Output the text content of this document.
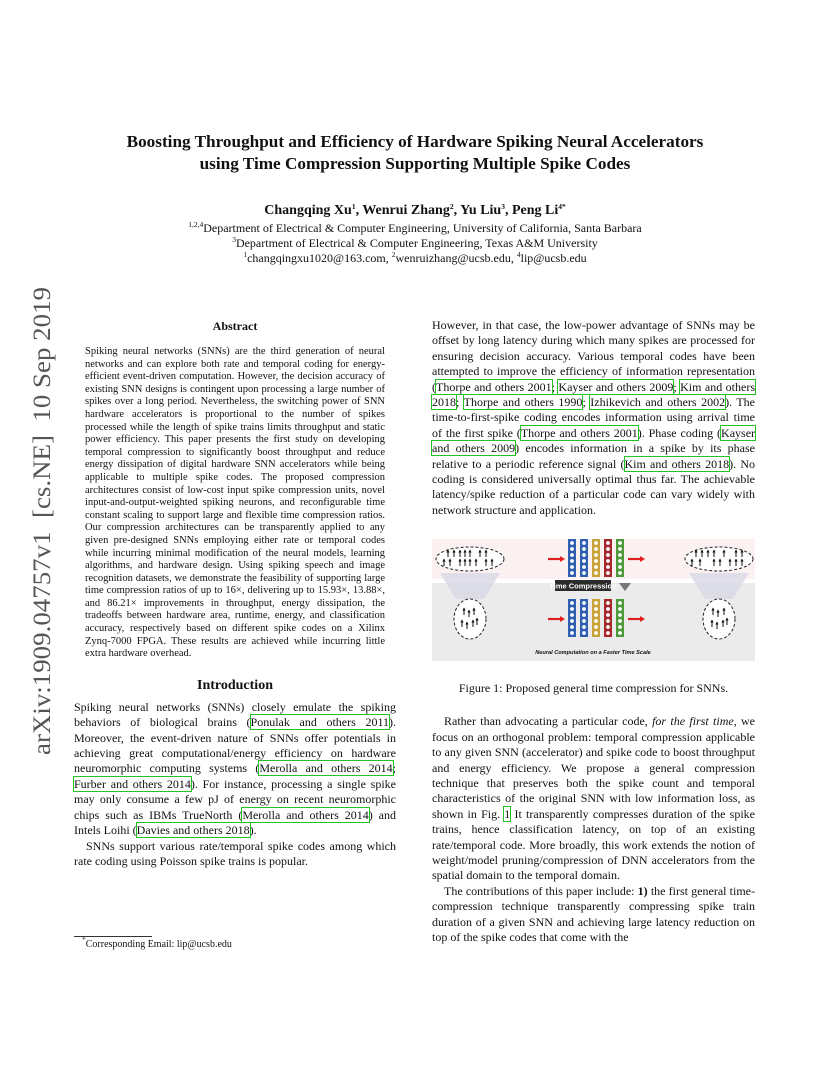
arXiv:1909.04757v1  [cs.NE]  10 Sep 2019
Boosting Throughput and Efficiency of Hardware Spiking Neural Accelerators
using Time Compression Supporting Multiple Spike Codes
Changqing Xu$^1$, Wenrui Zhang$^2$, Yu Liu$^3$, Peng $Li^{4*}$
$^{1,2,4}$Department of Electrical & Computer Engineering, University of California, Santa Barbara
$^3$Department of Electrical & Computer Engineering, Texas A&M University
$^1$changqingxu1020@163.com, $^2$wenruizhang@ucsb.edu, $^4$lip@ucsb.edu
Abstract
Spiking neural networks (SNNs) are the third generation of neural networks and can explore both rate and temporal coding for energy-efficient event-driven computation. However, the decision accuracy of existing SNN designs is contingent upon processing a large number of spikes over a long period. Nevertheless, the switching power of SNN hardware accelerators is proportional to the number of spikes processed while the length of spike trains limits throughput and static power efficiency. This paper presents the first study on developing temporal compression to significantly boost throughput and reduce energy dissipation of digital hardware SNN accelerators while being applicable to multiple spike codes. The proposed compression architectures consist of low-cost input spike compression units, novel input-and-output-weighted spiking neurons, and reconfigurable time constant scaling to support large and flexible time compression ratios. Our compression architectures can be transparently applied to any given pre-designed SNNs employing either rate or temporal codes while incurring minimal modification of the neural models, learning algorithms, and hardware design. Using spiking speech and image recognition datasets, we demonstrate the feasibility of supporting large time compression ratios of up to 16×, delivering up to 15.93×, 13.88×, and 86.21× improvements in throughput, energy dissipation, the tradeoffs between hardware area, runtime, energy, and classification accuracy, respectively based on different spike codes on a Xilinx Zynq-7000 FPGA. These results are achieved while incurring little extra hardware overhead.
Introduction

Spiking neural networks (SNNs) closely emulate the spiking behaviors of biological brains (Ponulak and others 2011). Moreover, the event-driven nature of SNNs offer potentials in achieving great computational/energy efficiency on hardware neuromorphic computing systems (Merolla and others 2014; Furber and others 2014). For instance, processing a single spike may only consume a few pJ of energy on recent neuromorphic chips such as IBMs TrueNorth (Merolla and others 2014) and Intels Loihi (Davies and others 2018).

SNNs support various rate/temporal spike codes among which rate coding using Poisson spike trains is popular.

*Corresponding Email: lip@ucsb.edu

However, in that case, the low-power advantage of SNNs may be offset by long latency during which many spikes are processed for ensuring decision accuracy. Various temporal codes have been attempted to improve the efficiency of information representation (Thorpe and others 2001; Kayser and others 2009; Kim and others 2018; Thorpe and others 1990; Izhikevich and others 2002). The time-to-first-spike coding encodes information using arrival time of the first spike (Thorpe and others 2001). Phase coding (Kayser and others 2009) encodes information in a spike by its phase relative to a periodic reference signal (Kim and others 2018). No coding is considered universally optimal thus far. The achievable latency/spike reduction of a particular code can vary widely with network structure and application.

Time Compression
Neural Computation on a Faster Time Scale

Figure 1: Proposed general time compression for SNNs.

Rather than advocating a particular code, for the first time, we focus on an orthogonal problem: temporal compression applicable to any given SNN (accelerator) and spike code to boost throughput and energy efficiency. We propose a general compression technique that preserves both the spike count and temporal characteristics of the original SNN with low information loss, as shown in Fig. 1 It transparently compresses duration of the spike trains, hence classification latency, on top of an existing rate/temporal code. More broadly, this work extends the notion of weight/model pruning/compression of DNN accelerators from the spatial domain to the temporal domain.

The contributions of this paper include: 1) the first general time-compression technique transparently compressing spike train duration of a given SNN and achieving large latency reduction on top of the spike codes that come with the
